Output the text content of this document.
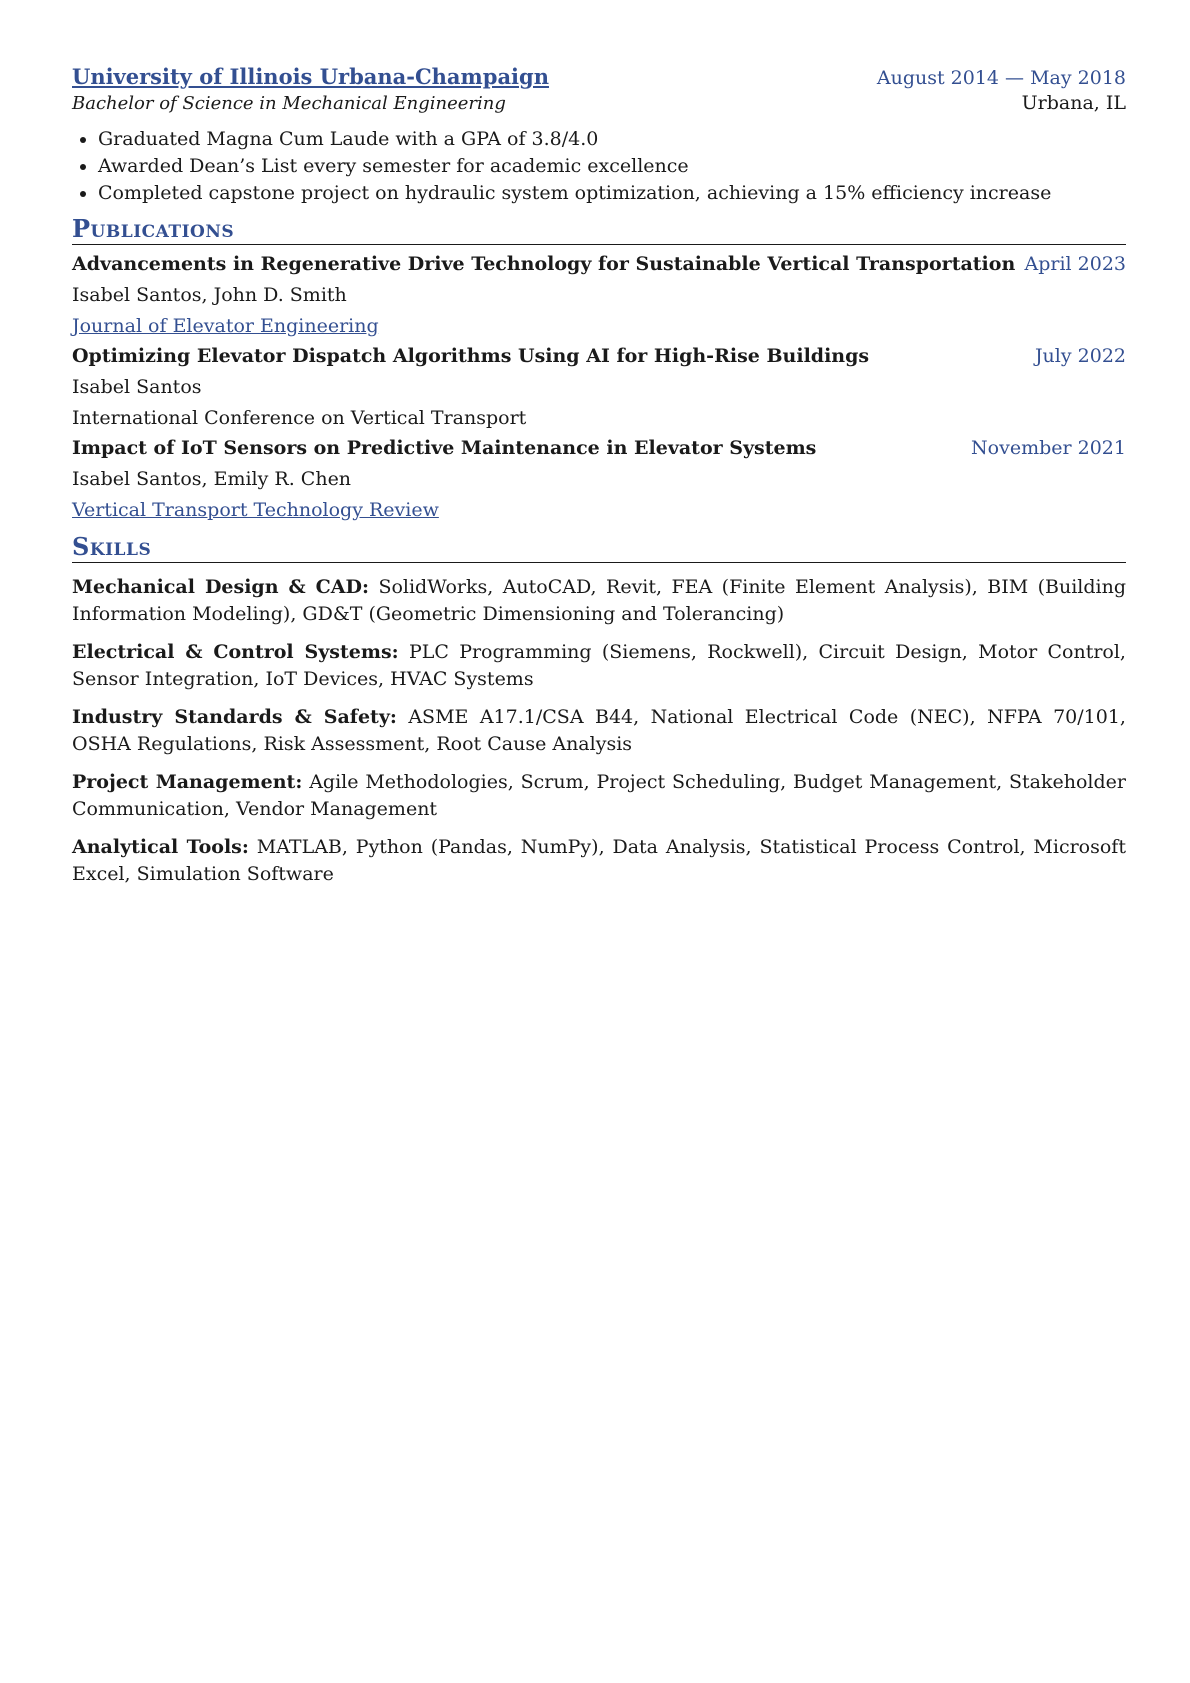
University of Illinois Urbana-Champaign	August 2014 — May 2018
Bachelor of Science in Mechanical Engineering	Urbana, IL
• Graduated Magna Cum Laude with a GPA of 3.8/4.0
• Awarded Dean’s List every semester for academic excellence
• Completed capstone project on hydraulic system optimization, achieving a 15% efficiency increase
Publications
Advancements in Regenerative Drive Technology for Sustainable Vertical Transportation April 2023
Isabel Santos, John D. Smith
Journal of Elevator Engineering
Optimizing Elevator Dispatch Algorithms Using AI for High-Rise Buildings	July 2022
Isabel Santos
International Conference on Vertical Transport
Impact of IoT Sensors on Predictive Maintenance in Elevator Systems	November 2021
Isabel Santos, Emily R. Chen
Vertical Transport Technology Review
Skills
Mechanical Design & CAD: SolidWorks, AutoCAD, Revit, FEA (Finite Element Analysis), BIM (Building Information Modeling), GD&T (Geometric Dimensioning and Tolerancing)
Electrical & Control Systems: PLC Programming (Siemens, Rockwell), Circuit Design, Motor Control, Sensor Integration, IoT Devices, HVAC Systems
Industry Standards & Safety: ASME A17.1/CSA B44, National Electrical Code (NEC), NFPA 70/101, OSHA Regulations, Risk Assessment, Root Cause Analysis
Project Management: Agile Methodologies, Scrum, Project Scheduling, Budget Management, Stakeholder Communication, Vendor Management
Analytical Tools: MATLAB, Python (Pandas, NumPy), Data Analysis, Statistical Process Control, Microsoft Excel, Simulation Software
